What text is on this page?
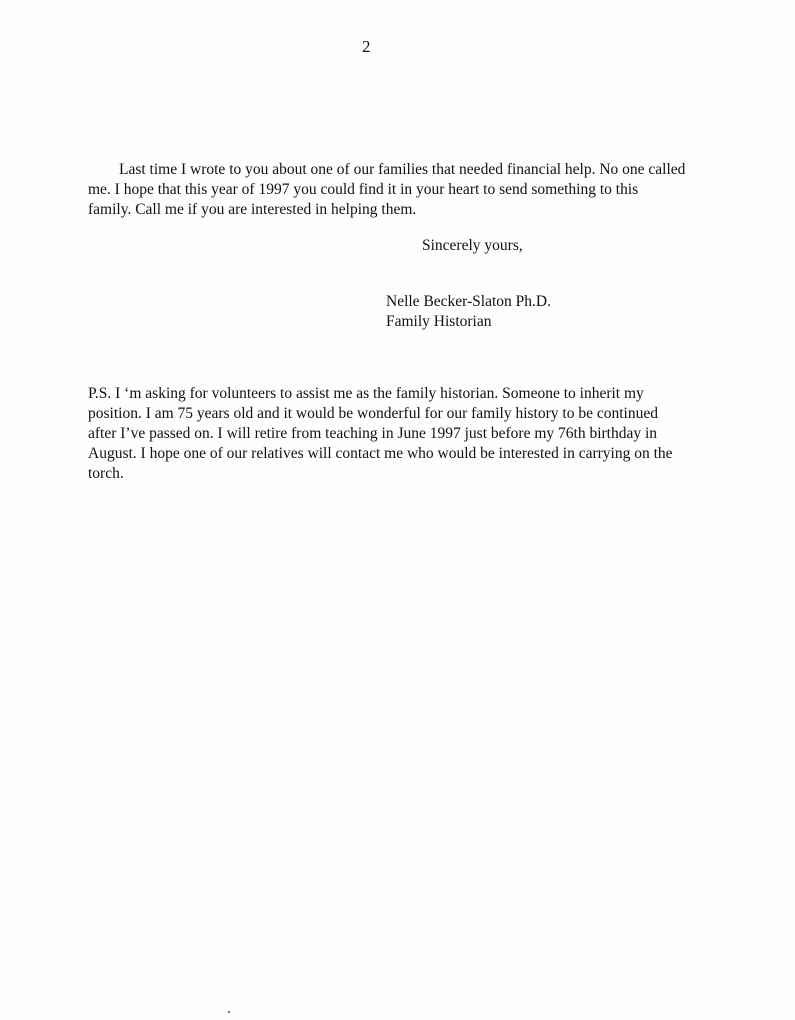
2
Last time I wrote to you about one of our families that needed financial help. No one called
me. I hope that this year of 1997 you could find it in your heart to send something to this
family. Call me if you are interested in helping them.
Sincerely yours,
Nelle Becker-Slaton Ph.D.
Family Historian
P.S. I ‘m asking for volunteers to assist me as the family historian. Someone to inherit my
position. I am 75 years old and it would be wonderful for our family history to be continued
after I’ve passed on. I will retire from teaching in June 1997 just before my 76th birthday in
August. I hope one of our relatives will contact me who would be interested in carrying on the
torch.
